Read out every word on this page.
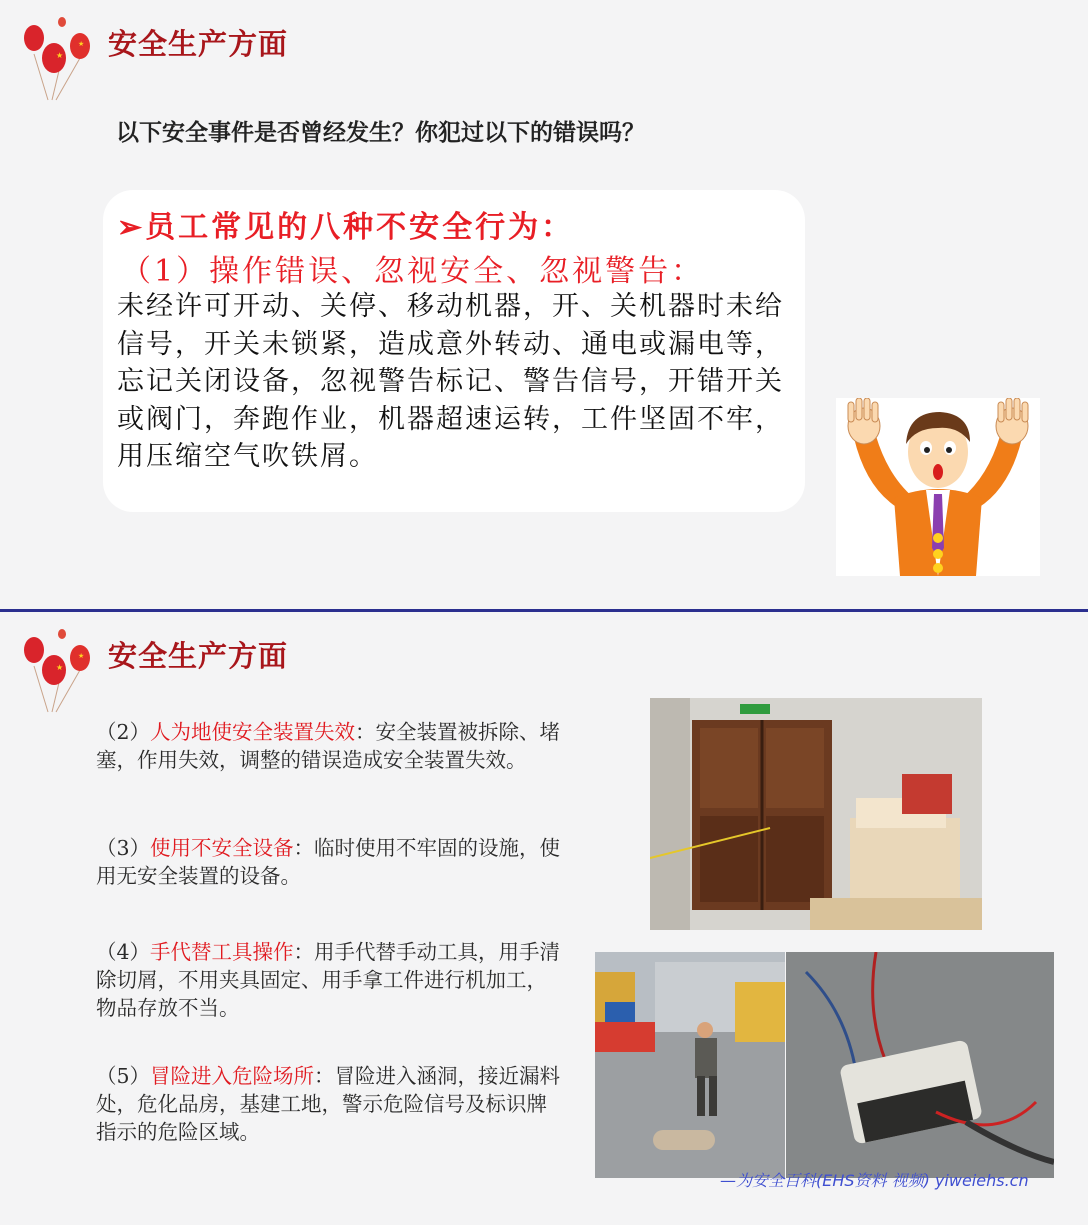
★
★ 安全生产方面
以下安全事件是否曾经发生？你犯过以下的错误吗？
➢员工常见的八种不安全行为：
（1）操作错误、忽视安全、忽视警告：
未经许可开动、关停、移动机器，开、关机器时未给信号，开关未锁紧，造成意外转动、通电或漏电等， 忘记关闭设备，忽视警告标记、警告信号，开错开关或阀门，奔跑作业，机器超速运转，工件坚固不牢，用压缩空气吹铁屑。
★
★ 安全生产方面
（2）人为地使安全装置失效：安全装置被拆除、堵塞，作用失效，调整的错误造成安全装置失效。
（3）使用不安全设备：临时使用不牢固的设施，使用无安全装置的设备。
（4）手代替工具操作：用手代替手动工具，用手清除切屑，不用夹具固定、用手拿工件进行机加工，物品存放不当。
（5）冒险进入危险场所：冒险进入涵洞，接近漏料处，危化品房，基建工地，警示危险信号及标识牌指示的危险区域。
—为安全百科(EHS资料 视频) yiweiehs.cn
